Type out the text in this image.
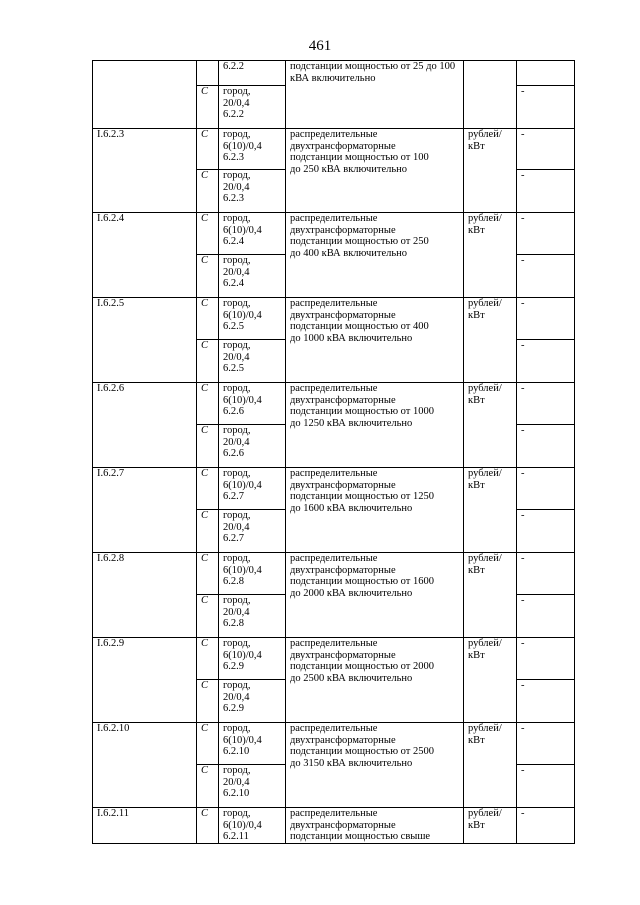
461
		6.2.2	подстанции мощностью от 25 до 100 кВА включительно		
	С	город,
20/0,4
6.2.2			-
I.6.2.3	С	город,
6(10)/0,4
6.2.3	распределительные
двухтрансформаторные
подстанции мощностью от 100
до 250 кВА включительно	рублей/
кВт	-
	С	город,
20/0,4
6.2.3			-
I.6.2.4	С	город,
6(10)/0,4
6.2.4	распределительные
двухтрансформаторные
подстанции мощностью от 250
до 400 кВА включительно	рублей/
кВт	-
	С	город,
20/0,4
6.2.4			-
I.6.2.5	С	город,
6(10)/0,4
6.2.5	распределительные
двухтрансформаторные
подстанции мощностью от 400
до 1000 кВА включительно	рублей/
кВт	-
	С	город,
20/0,4
6.2.5			-
I.6.2.6	С	город,
6(10)/0,4
6.2.6	распределительные
двухтрансформаторные
подстанции мощностью от 1000
до 1250 кВА включительно	рублей/
кВт	-
	С	город,
20/0,4
6.2.6			-
I.6.2.7	С	город,
6(10)/0,4
6.2.7	распределительные
двухтрансформаторные
подстанции мощностью от 1250
до 1600 кВА включительно	рублей/
кВт	-
	С	город,
20/0,4
6.2.7			-
I.6.2.8	С	город,
6(10)/0,4
6.2.8	распределительные
двухтрансформаторные
подстанции мощностью от 1600
до 2000 кВА включительно	рублей/
кВт	-
	С	город,
20/0,4
6.2.8			-
I.6.2.9	С	город,
6(10)/0,4
6.2.9	распределительные
двухтрансформаторные
подстанции мощностью от 2000
до 2500 кВА включительно	рублей/
кВт	-
	С	город,
20/0,4
6.2.9			-
I.6.2.10	С	город,
6(10)/0,4
6.2.10	распределительные
двухтрансформаторные
подстанции мощностью от 2500
до 3150 кВА включительно	рублей/
кВт	-
	С	город,
20/0,4
6.2.10			-
I.6.2.11	С	город,
6(10)/0,4
6.2.11	распределительные
двухтрансформаторные
подстанции мощностью свыше	рублей/
кВт	-
